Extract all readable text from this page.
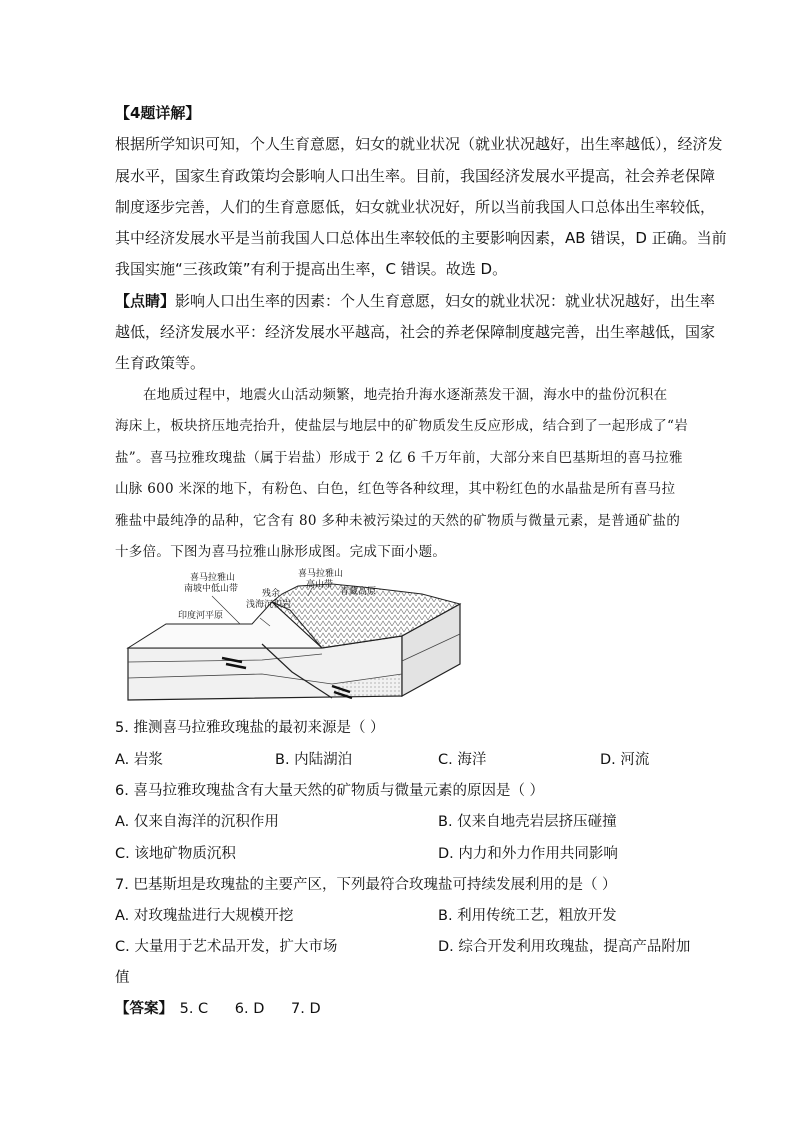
【4题详解】
根据所学知识可知，个人生育意愿，妇女的就业状况（就业状况越好，出生率越低），经济发
展水平，国家生育政策均会影响人口出生率。目前，我国经济发展水平提高，社会养老保障
制度逐步完善，人们的生育意愿低，妇女就业状况好，所以当前我国人口总体出生率较低，
其中经济发展水平是当前我国人口总体出生率较低的主要影响因素，AB 错误，D 正确。当前
我国实施“三孩政策”有利于提高出生率，C 错误。故选 D。
【点睛】影响人口出生率的因素：个人生育意愿，妇女的就业状况：就业状况越好，出生率
越低，经济发展水平：经济发展水平越高，社会的养老保障制度越完善，出生率越低，国家
生育政策等。
在地质过程中，地震火山活动频繁，地壳抬升海水逐渐蒸发干涸，海水中的盐份沉积在
海床上，板块挤压地壳抬升，使盐层与地层中的矿物质发生反应形成，结合到了一起形成了“岩
盐”。喜马拉雅玫瑰盐（属于岩盐）形成于 2 亿 6 千万年前，大部分来自巴基斯坦的喜马拉雅
山脉 600 米深的地下，有粉色、白色，红色等各种纹理，其中粉红色的水晶盐是所有喜马拉
雅盐中最纯净的品种，它含有 80 多种未被污染过的天然的矿物质与微量元素，是普通矿盐的
十多倍。下图为喜马拉雅山脉形成图。完成下面小题。
喜马拉雅山
南坡中低山带	残余
浅海沉积岩
喜马拉雅山
高山带
青藏高原
印度河平原
5. 推测喜马拉雅玫瑰盐的最初来源是（ ）
A. 岩浆	B. 内陆湖泊	C. 海洋	D. 河流
6. 喜马拉雅玫瑰盐含有大量天然的矿物质与微量元素的原因是（ ）
A. 仅来自海洋的沉积作用	B. 仅来自地壳岩层挤压碰撞
C. 该地矿物质沉积	D. 内力和外力作用共同影响
7. 巴基斯坦是玫瑰盐的主要产区，下列最符合玫瑰盐可持续发展利用的是（ ）
A. 对玫瑰盐进行大规模开挖	B. 利用传统工艺，粗放开发
C. 大量用于艺术品开发，扩大市场	D. 综合开发利用玫瑰盐，提高产品附加
值
【答案】 5. C 6. D 7. D
